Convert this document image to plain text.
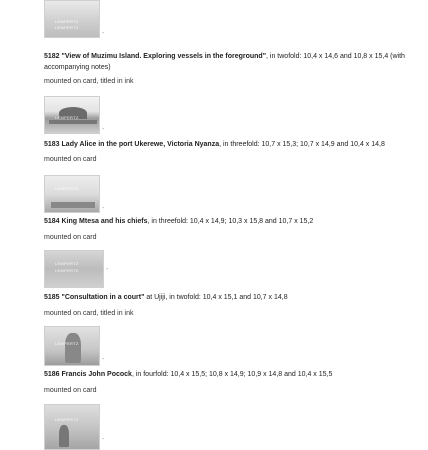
LEMPERTZ
LEMPERTZ
-
5182 "View of Muzimu Island. Exploring vessels in the foreground", in twofold: 10,4 x 14,6 and 10,8 x 15,4 (with accompanying notes)
mounted on card, titled in ink
LEMPERTZ
-
5183 Lady Alice in the port Ukerewe, Victoria Nyanza, in threefold: 10,7 x 15,3; 10,7 x 14,9 and 10,4 x 14,8
mounted on card
LEMPERTZ
-
5184 King Mtesa and his chiefs, in threefold: 10,4 x 14,9; 10,3 x 15,8 and 10,7 x 15,2
mounted on card
LEMPERTZ
LEMPERTZ	-
5185 "Consultation in a court" at Ujiji, in twofold: 10,4 x 15,1 and 10,7 x 14,8
mounted on card, titled in ink
LEMPERTZ
-
5186 Francis John Pocock, in fourfold: 10,4 x 15,5; 10,8 x 14,9; 10,9 x 14,8 and 10,4 x 15,5
mounted on card
LEMPERTZ
-
